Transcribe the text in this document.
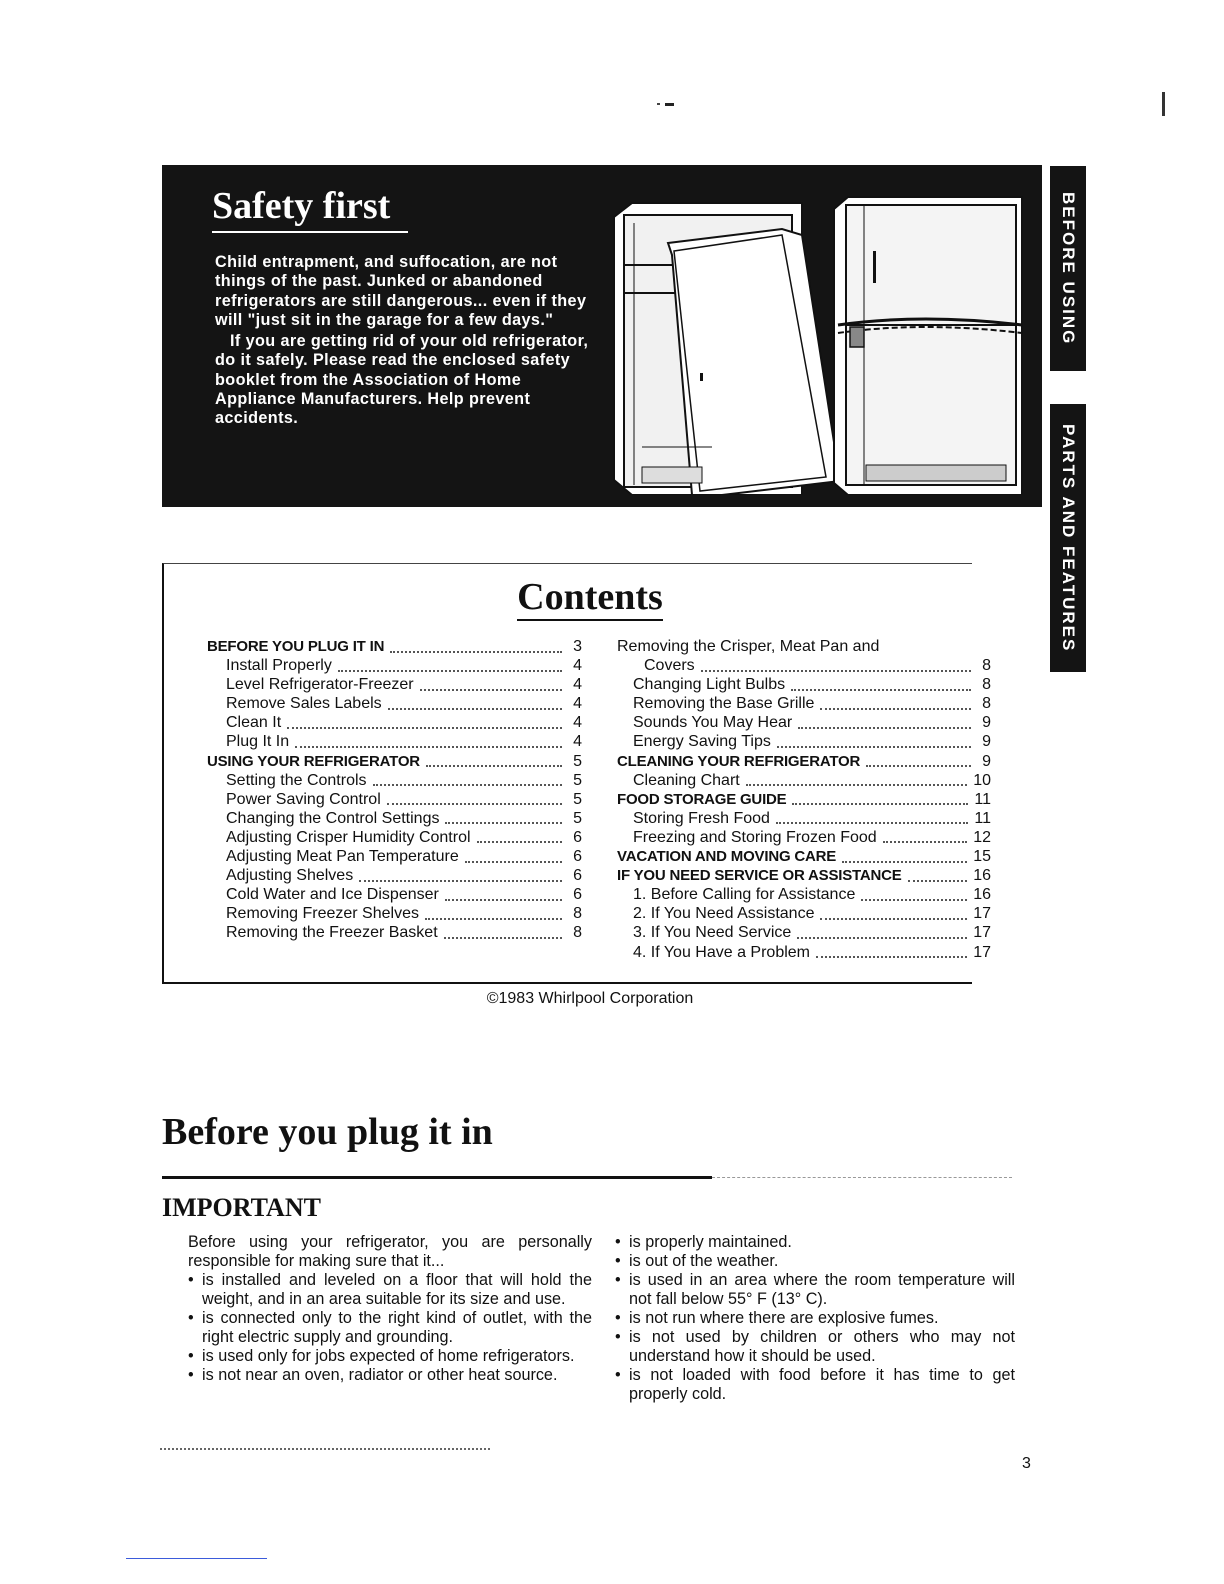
Safety first

Child entrapment, and suffocation, are not things of the past. Junked or abandoned refrigerators are still dangerous... even if they will "just sit in the garage for a few days."

If you are getting rid of your old refrigerator, do it safely. Please read the enclosed safety booklet from the Association of Home Appliance Manufacturers. Help prevent accidents.

BEFORE USING
PARTS AND FEATURES
Contents
BEFORE YOU PLUG IT IN	3
Install Properly	4
Level Refrigerator-Freezer	4
Remove Sales Labels	4
Clean It	4
Plug It In	4
USING YOUR REFRIGERATOR	5
Setting the Controls	5
Power Saving Control	5
Changing the Control Settings	5
Adjusting Crisper Humidity Control	6
Adjusting Meat Pan Temperature	6
Adjusting Shelves	6
Cold Water and Ice Dispenser	6
Removing Freezer Shelves	8
Removing the Freezer Basket	8
Removing the Crisper, Meat Pan and
Covers	8
Changing Light Bulbs	8
Removing the Base Grille	8
Sounds You May Hear	9
Energy Saving Tips	9
CLEANING YOUR REFRIGERATOR	9
Cleaning Chart	10
FOOD STORAGE GUIDE	11
Storing Fresh Food	11
Freezing and Storing Frozen Food	12
VACATION AND MOVING CARE	15
IF YOU NEED SERVICE OR ASSISTANCE	16
1. Before Calling for Assistance	16
2. If You Need Assistance	17
3. If You Need Service	17
4. If You Have a Problem	17
©1983 Whirlpool Corporation
Before you plug it in
IMPORTANT

Before using your refrigerator, you are personally responsible for making sure that it...

• is installed and leveled on a floor that will hold the weight, and in an area suitable for its size and use.

• is connected only to the right kind of outlet, with the right electric supply and grounding.

• is used only for jobs expected of home refrigerators.

• is not near an oven, radiator or other heat source.

• is properly maintained.

• is out of the weather.

• is used in an area where the room temperature will not fall below 55° F (13° C).

• is not run where there are explosive fumes.

• is not used by children or others who may not understand how it should be used.

• is not loaded with food before it has time to get properly cold.

3
